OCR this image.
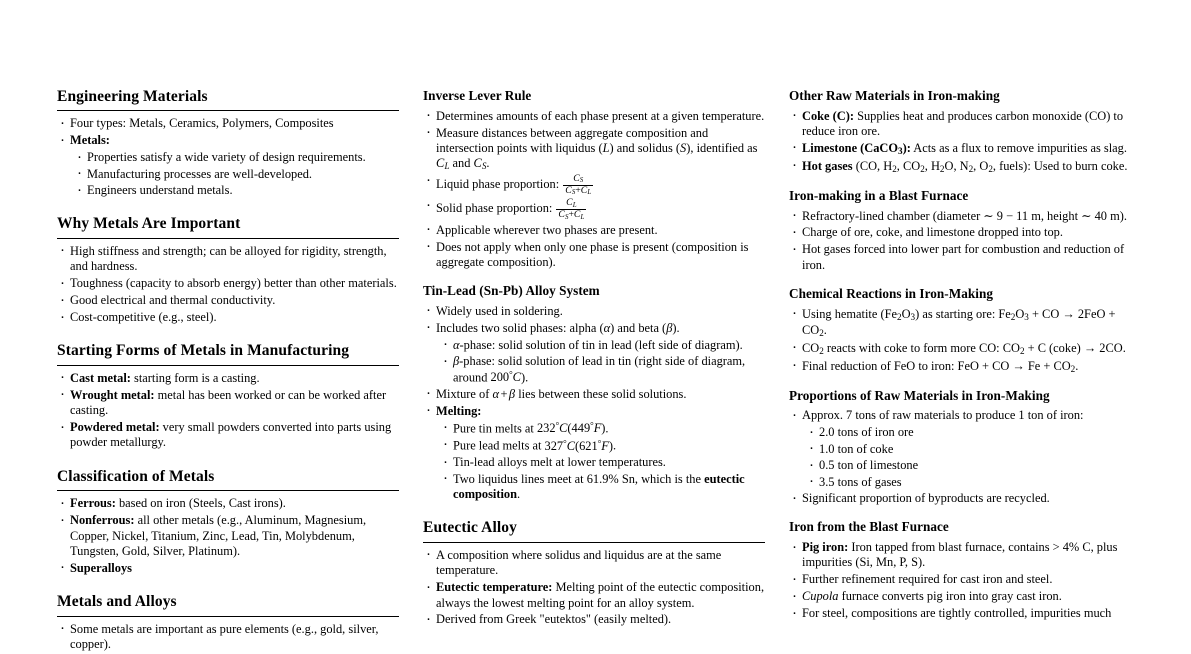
Engineering Materials
· Four types: Metals, Ceramics, Polymers, Composites
· Metals:
· Properties satisfy a wide variety of design requirements.
· Manufacturing processes are well-developed.
· Engineers understand metals.
Why Metals Are Important
· High stiffness and strength; can be alloyed for rigidity, strength, and hardness.
· Toughness (capacity to absorb energy) better than other materials.
· Good electrical and thermal conductivity.
· Cost-competitive (e.g., steel).
Starting Forms of Metals in Manufacturing
· Cast metal: starting form is a casting.
· Wrought metal: metal has been worked or can be worked after casting.
· Powdered metal: very small powders converted into parts using powder metallurgy.
Classification of Metals
· Ferrous: based on iron (Steels, Cast irons).
· Nonferrous: all other metals (e.g., Aluminum, Magnesium, Copper, Nickel, Titanium, Zinc, Lead, Tin, Molybdenum, Tungsten, Gold, Silver, Platinum).
· Superalloys
Metals and Alloys
· Some metals are important as pure elements (e.g., gold, silver, copper).
Inverse Lever Rule
· Determines amounts of each phase present at a given temperature.
· Measure distances between aggregate composition and intersection points with liquidus (L) and solidus (S), identified as CL and CS.
· Liquid phase proportion: $\frac{CS}{CS+CL}$
· Solid phase proportion: $\frac{CL}{CS+CL}$
· Applicable wherever two phases are present.
· Does not apply when only one phase is present (composition is aggregate composition).
Tin-Lead (Sn-Pb) Alloy System
· Widely used in soldering.
· Includes two solid phases: alpha (α) and beta (β).
· α-phase: solid solution of tin in lead (left side of diagram).
· β-phase: solid solution of lead in tin (right side of diagram, around 200°C).
· Mixture of α+β lies between these solid solutions.
· Melting:
· Pure tin melts at 232°C(449°F).
· Pure lead melts at 327°C(621°F).
· Tin-lead alloys melt at lower temperatures.
· Two liquidus lines meet at 61.9% Sn, which is the eutectic composition.
Eutectic Alloy
· A composition where solidus and liquidus are at the same temperature.
· Eutectic temperature: Melting point of the eutectic composition, always the lowest melting point for an alloy system.
· Derived from Greek "eutektos" (easily melted).
Other Raw Materials in Iron-making
· Coke (C): Supplies heat and produces carbon monoxide (CO) to reduce iron ore.
· Limestone (CaCO3): Acts as a flux to remove impurities as slag.
· Hot gases (CO, H2, CO2, H2O, N2, O2, fuels): Used to burn coke.
Iron-making in a Blast Furnace
· Refractory-lined chamber (diameter ∼ 9 − 11 m, height ∼ 40 m).
· Charge of ore, coke, and limestone dropped into top.
· Hot gases forced into lower part for combustion and reduction of iron.
Chemical Reactions in Iron-Making
· Using hematite (Fe2O3) as starting ore: Fe2O3 + CO → 2FeO + CO2.
· CO2 reacts with coke to form more CO: CO2 + C (coke) → 2CO.
· Final reduction of FeO to iron: FeO + CO → Fe + CO2.
Proportions of Raw Materials in Iron-Making
· Approx. 7 tons of raw materials to produce 1 ton of iron:
· 2.0 tons of iron ore
· 1.0 ton of coke
· 0.5 ton of limestone
· 3.5 tons of gases
· Significant proportion of byproducts are recycled.
Iron from the Blast Furnace
· Pig iron: Iron tapped from blast furnace, contains > 4% C, plus impurities (Si, Mn, P, S).
· Further refinement required for cast iron and steel.
· Cupola furnace converts pig iron into gray cast iron.
· For steel, compositions are tightly controlled, impurities much
